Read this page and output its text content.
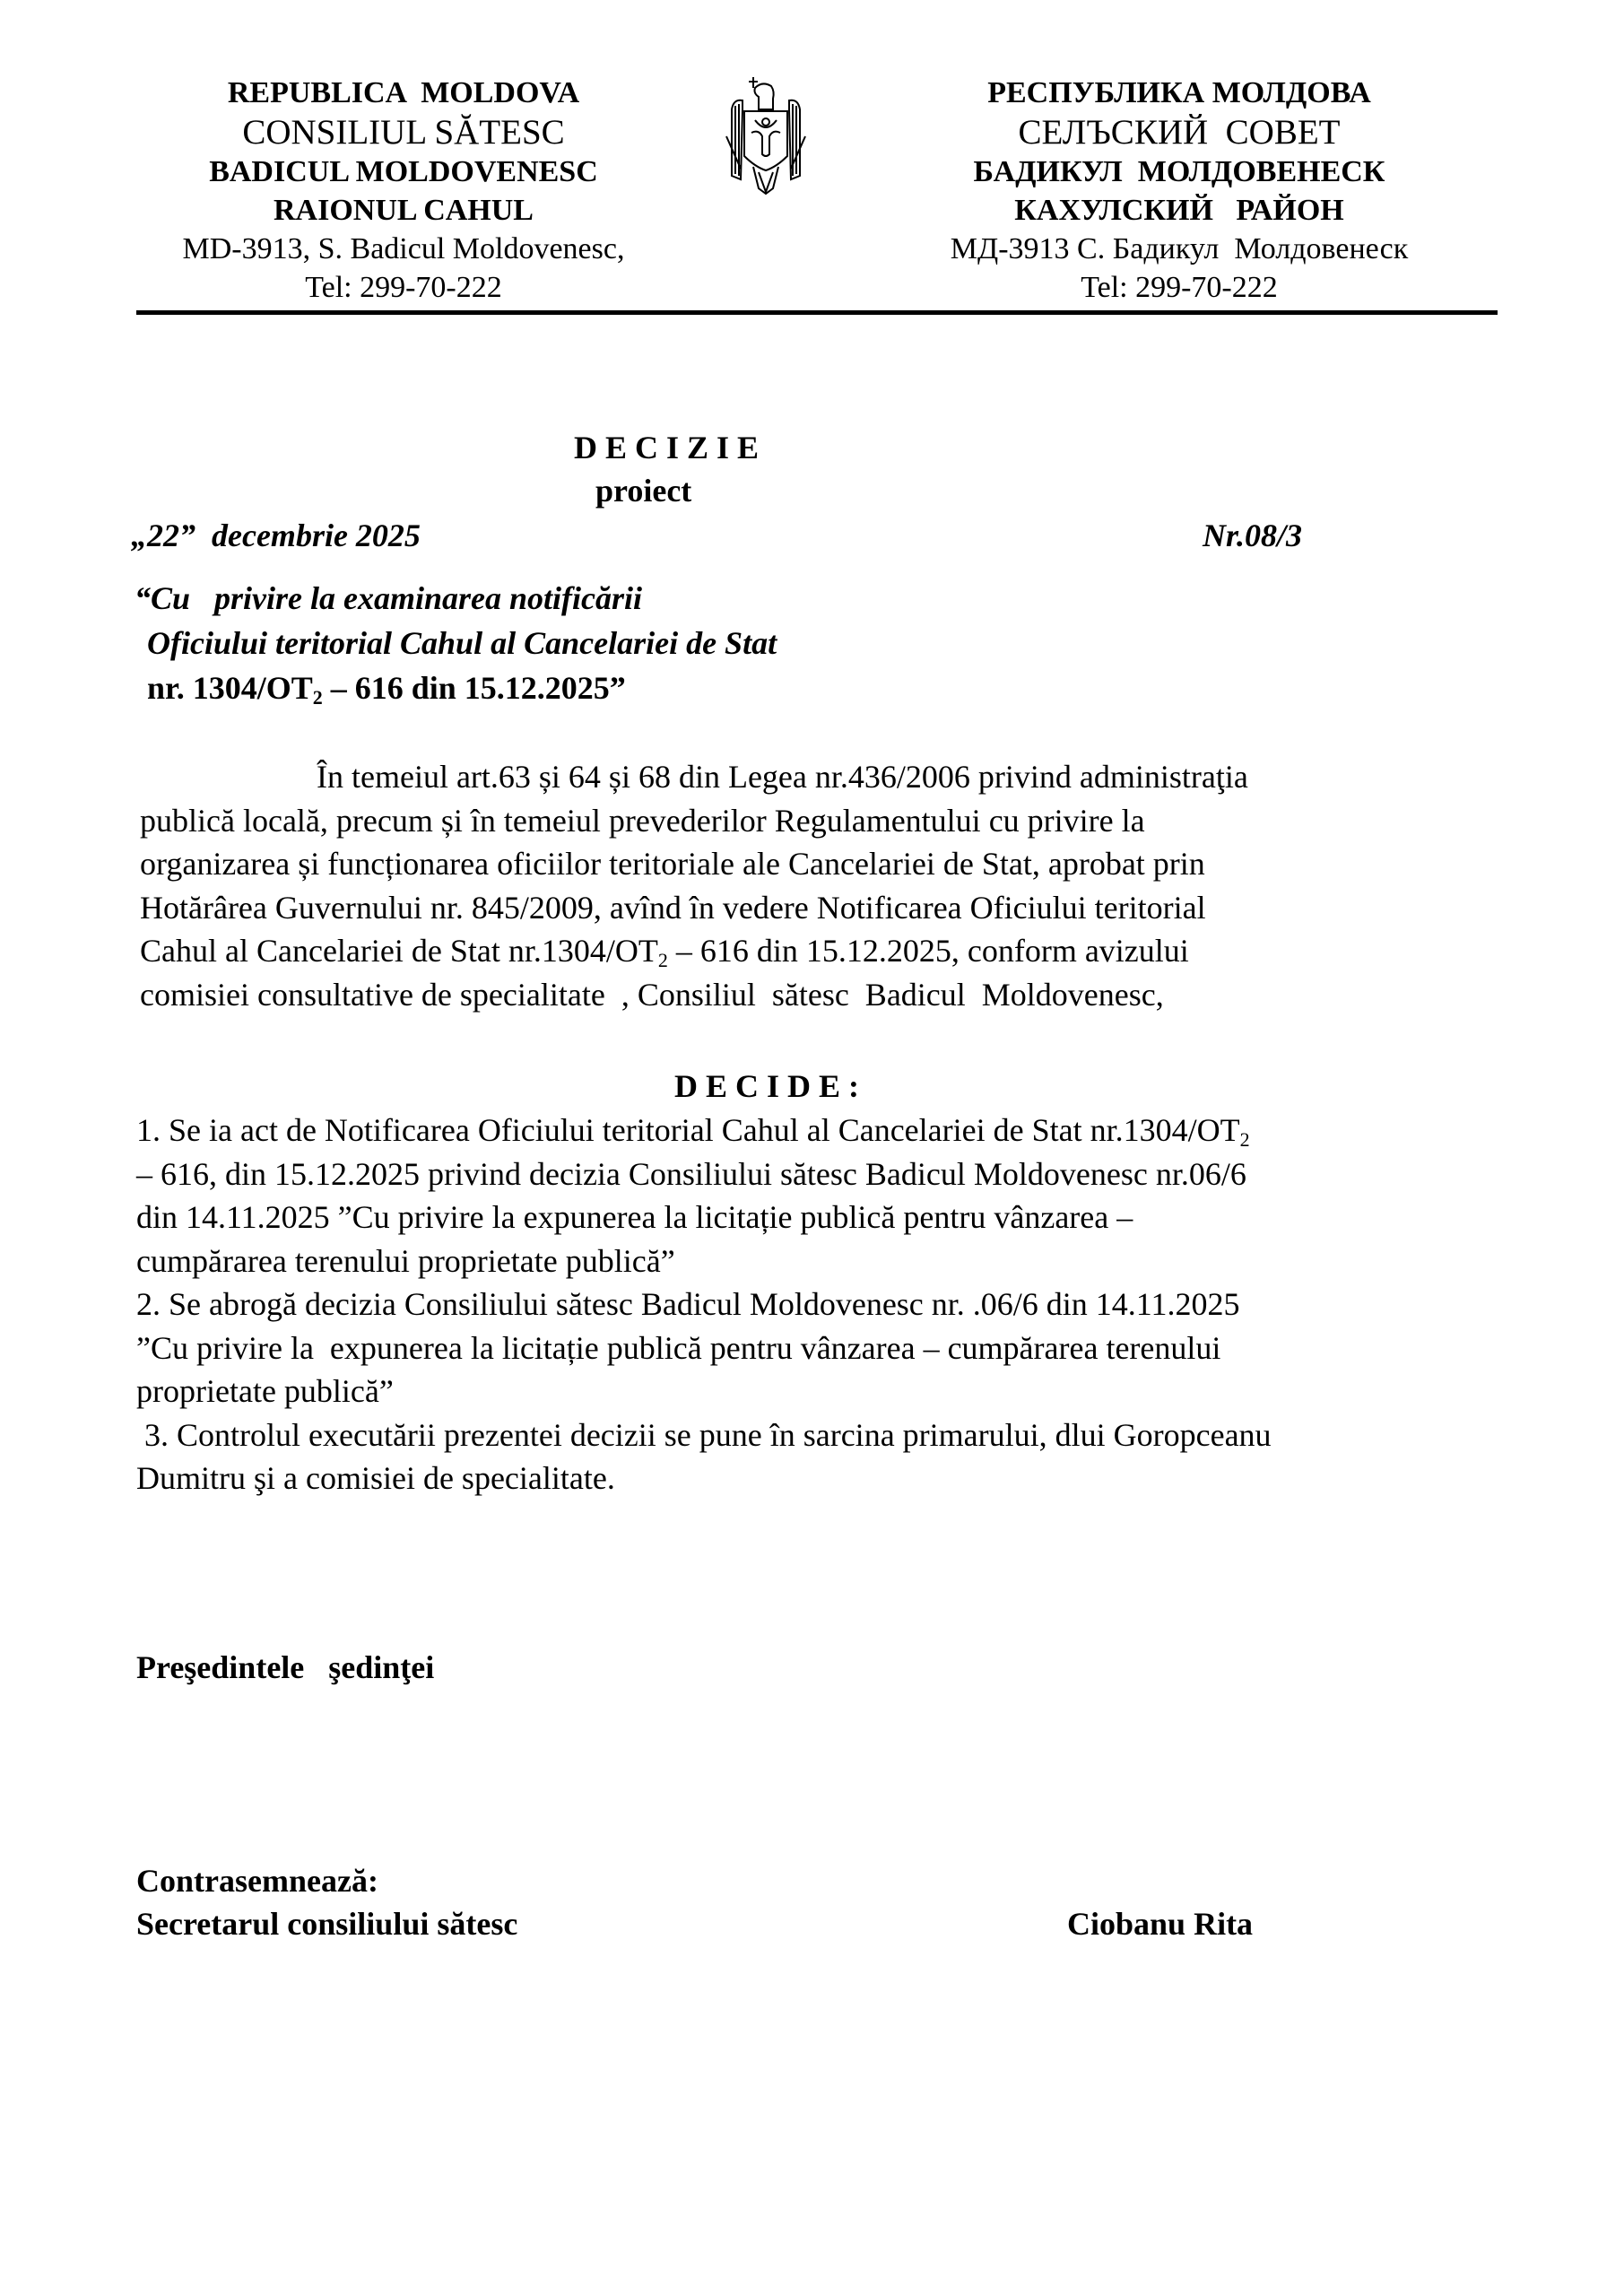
REPUBLICA  MOLDOVA
CONSILIUL SĂTESC
BADICUL MOLDOVENESC
RAIONUL CAHUL
MD-3913, S. Badicul Moldovenesc,
Tel: 299-70-222
РЕСПУБЛИКА МОЛДОВА
СЕЛЪСКИЙ  СОВЕТ
БАДИКУЛ  МОЛДОВЕНЕСК
КАХУЛСКИЙ   РАЙОН
МД-3913 С. Бадикул  Молдовенеск
Tel: 299-70-222
D E C I Z I E
proiect
„22”  decembrie 2025	Nr.08/3
“Cu   privire la examinarea notificării
Oficiului teritorial Cahul al Cancelariei de Stat
nr. $1304/OT_2 - 616$ din 15.12.2025”
În temeiul art.63 și 64 și 68 din Legea nr.436/2006 privind administraţia
publică locală, precum și în temeiul prevederilor Regulamentului cu privire la
organizarea și funcționarea oficiilor teritoriale ale Cancelariei de Stat, aprobat prin
Hotărârea Guvernului nr. 845/2009, avînd în vedere Notificarea Oficiului teritorial
Cahul al Cancelariei de Stat $nr.1304/OT_2 - 616$ din 15.12.2025, conform avizului
comisiei consultative de specialitate  , Consiliul  sătesc  Badicul  Moldovenesc,
D E C I D E :
1. Se ia act de Notificarea Oficiului teritorial Cahul al Cancelariei de Stat $nr.1304/OT_2$
– 616, din 15.12.2025 privind decizia Consiliului sătesc Badicul Moldovenesc nr.06/6
din 14.11.2025 ”Cu privire la expunerea la licitație publică pentru vânzarea –
cumpărarea terenului proprietate publică”
2. Se abrogă decizia Consiliului sătesc Badicul Moldovenesc nr. .06/6 din 14.11.2025
”Cu privire la  expunerea la licitație publică pentru vânzarea – cumpărarea terenului
proprietate publică”
3. Controlul executării prezentei decizii se pune în sarcina primarului, dlui Goropceanu
Dumitru şi a comisiei de specialitate.
Preşedintele   şedinţei
Contrasemnează:
Secretarul consiliului sătesc	Ciobanu Rita
